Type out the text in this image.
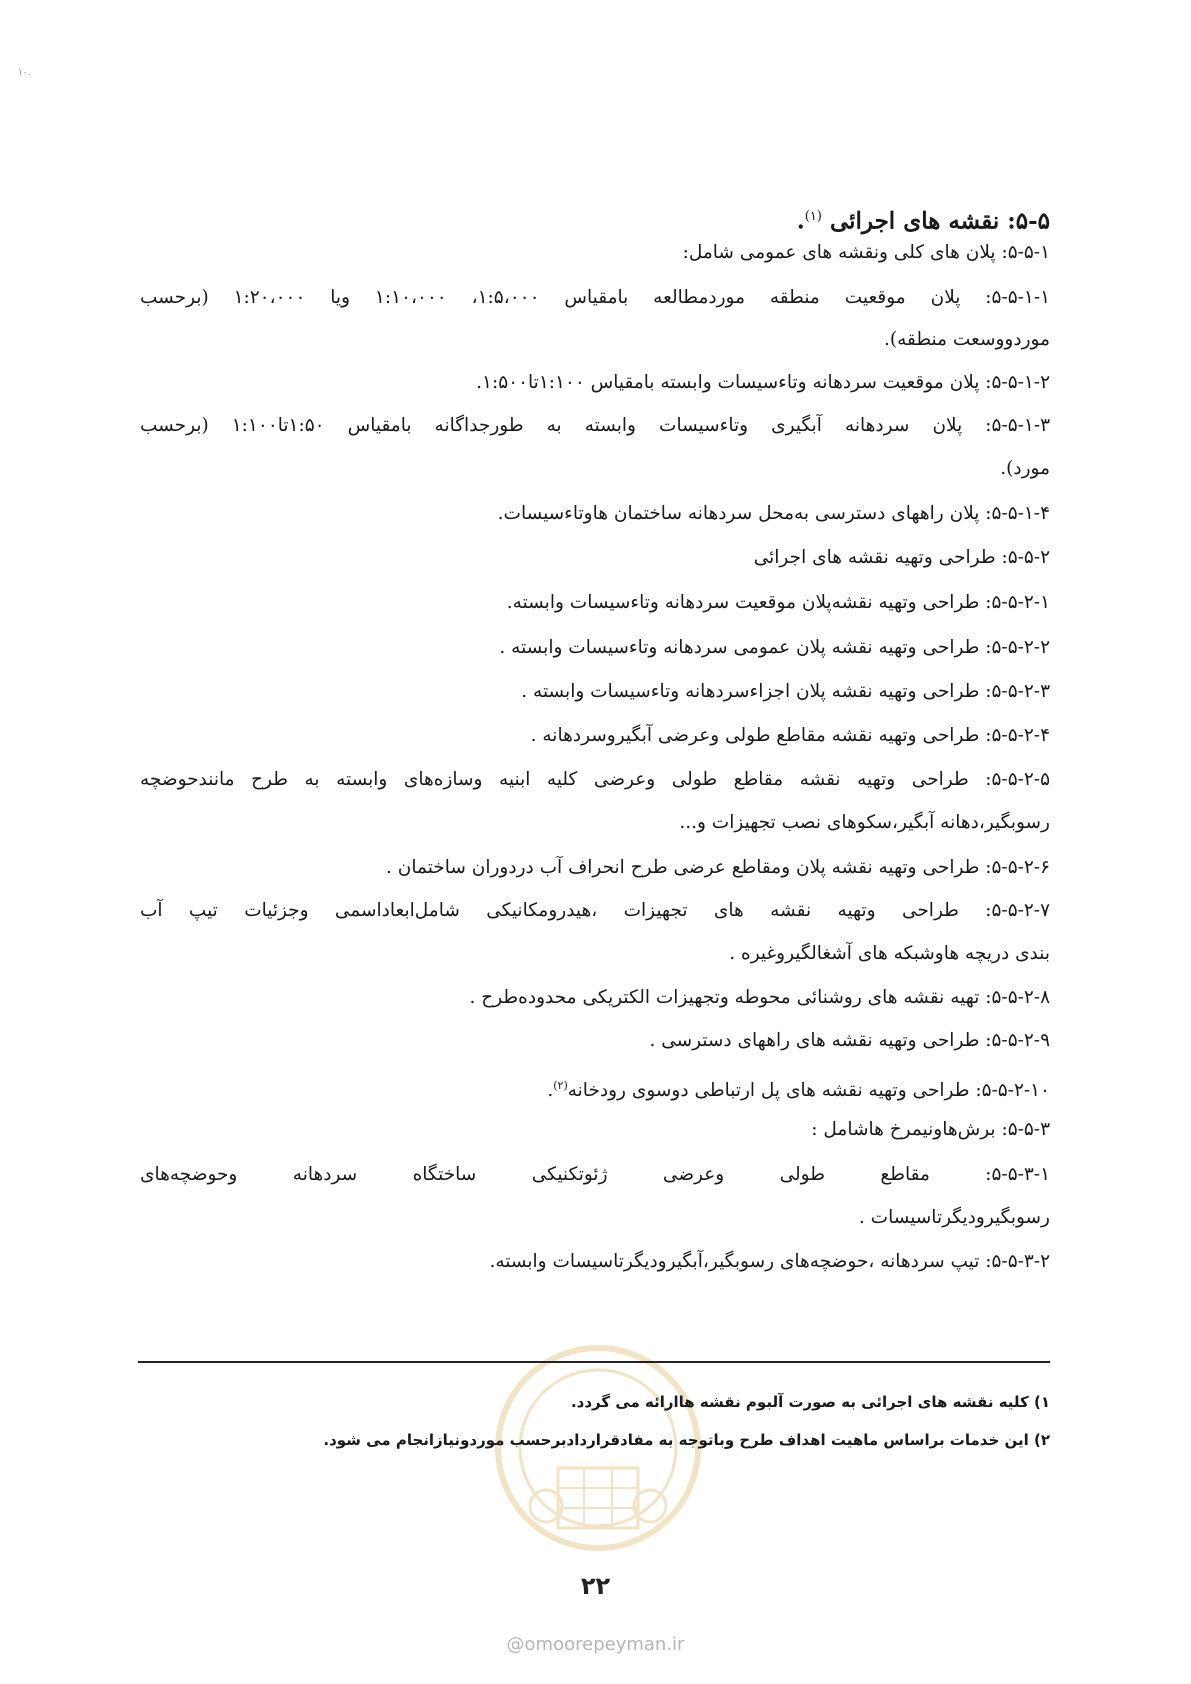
۱۰.
۵-۵: نقشه های اجرائی $^{(۱)}$.
۵-۵-۱: پلان های کلی ونقشه های عمومی شامل:
۵-۵-۱-۱: پلان موقعیت منطقه موردمطالعه بامقیاس ۱:۵،۰۰۰، ۱:۱۰،۰۰۰ ویا ۱:۲۰،۰۰۰ (برحسب
موردووسعت منطقه).
۵-۵-۱-۲: پلان موقعیت سردهانه وتاءسیسات وابسته بامقیاس ۱:۱۰۰تا۱:۵۰۰.
۵-۵-۱-۳: پلان سردهانه آبگیری وتاءسیسات وابسته به طورجداگانه بامقیاس ۱:۵۰تا۱:۱۰۰ (برحسب
مورد).
۵-۵-۱-۴: پلان راههای دسترسی به‌محل سردهانه ساختمان هاوتاءسیسات.
۵-۵-۲: طراحی وتهیه نقشه های اجرائی
۵-۵-۲-۱: طراحی وتهیه نقشه‌پلان موقعیت سردهانه وتاءسیسات وابسته.
۵-۵-۲-۲: طراحی وتهیه نقشه پلان عمومی سردهانه وتاءسیسات وابسته .
۵-۵-۲-۳: طراحی وتهیه نقشه پلان اجزاءسردهانه وتاءسیسات وابسته .
۵-۵-۲-۴: طراحی وتهیه نقشه مقاطع طولی وعرضی آبگیروسردهانه .
۵-۵-۲-۵: طراحی وتهیه نقشه مقاطع طولی وعرضی کلیه ابنیه وسازه‌های وابسته به طرح مانندحوضچه
رسوبگیر،دهانه آبگیر،سکوهای نصب تجهیزات و...
۵-۵-۲-۶: طراحی وتهیه نقشه پلان ومقاطع عرضی طرح انحراف آب دردوران ساختمان .
۵-۵-۲-۷: طراحی وتهیه نقشه های تجهیزات ،هیدرومکانیکی شامل‌ابعاداسمی وجزئیات تیپ آب
بندی دریچه هاوشبکه های آشغالگیروغیره .
۵-۵-۲-۸: تهیه نقشه های روشنائی محوطه وتجهیزات الکتریکی محدوده‌طرح .
۵-۵-۲-۹: طراحی وتهیه نقشه های راههای دسترسی .
۵-۵-۲-۱۰: طراحی وتهیه نقشه های پل ارتباطی دوسوی رودخانه$^{(۲)}$.
۵-۵-۳: برش‌هاونیمرخ هاشامل :
۵-۵-۳-۱: مقاطع طولی وعرضی ژئوتکنیکی ساختگاه سردهانه وحوضچه‌های
رسوبگیرودیگرتاسیسات .
۵-۵-۳-۲: تیپ سردهانه ،حوضچه‌های رسوبگیر،آبگیرودیگرتاسیسات وابسته.
۱) کلیه نقشه های اجرائی به صورت آلبوم نقشه هاارائه می گردد.
۲) این خدمات براساس ماهیت اهداف طرح وباتوجه به مفادقراردادبرحسب موردونیازانجام می شود.
۲۲
@omoorepeyman.ir
